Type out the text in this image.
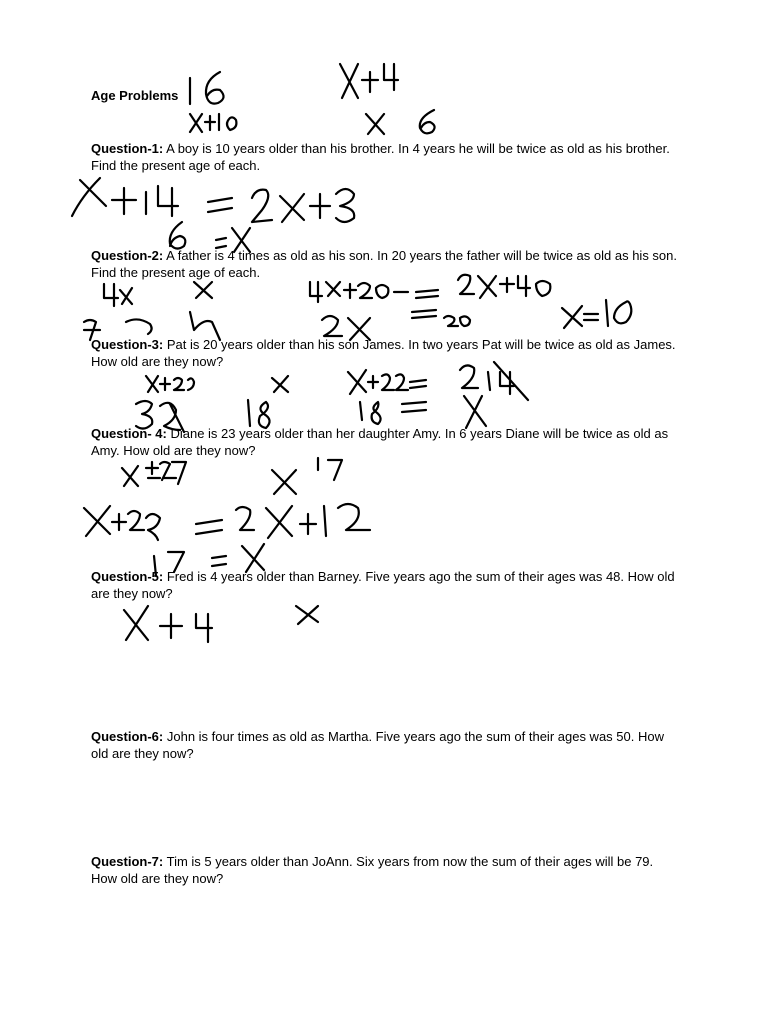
Age Problems

Question-1: A boy is 10 years older than his brother. In 4 years he will be twice as old as his brother. Find the present age of each.

Question-2: A father is 4 times as old as his son. In 20 years the father will be twice as old as his son. Find the present age of each.

Question-3: Pat is 20 years older than his son James. In two years Pat will be twice as old as James. How old are they now?

Question- 4: Diane is 23 years older than her daughter Amy. In 6 years Diane will be twice as old as Amy. How old are they now?

Question-5: Fred is 4 years older than Barney. Five years ago the sum of their ages was 48. How old are they now?

Question-6: John is four times as old as Martha. Five years ago the sum of their ages was 50. How old are they now?

Question-7: Tim is 5 years older than JoAnn. Six years from now the sum of their ages will be 79. How old are they now?
